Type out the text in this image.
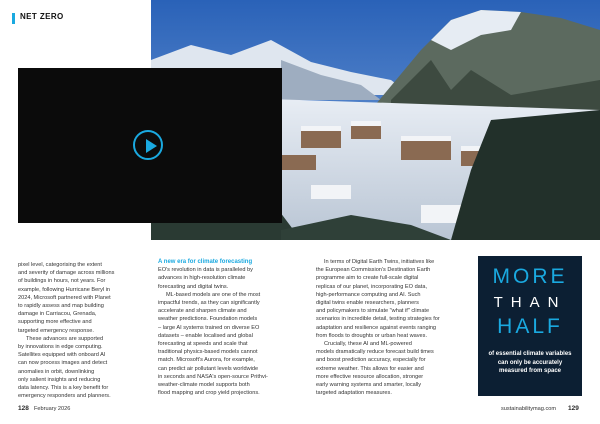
NET ZERO

pixel level, categorising the extent

and severity of damage across millions

of buildings in hours, not years. For

example, following Hurricane Beryl in

2024, Microsoft partnered with Planet

to rapidly assess and map building

damage in Carriacou, Grenada,

supporting more effective and

targeted emergency response.

These advances are supported

by innovations in edge computing.

Satellites equipped with onboard AI

can now process images and detect

anomalies in orbit, downlinking

only salient insights and reducing

data latency. This is a key benefit for

emergency responders and planners.

A new era for climate forecasting

EO's revolution in data is paralleled by

advances in high-resolution climate

forecasting and digital twins.

ML-based models are one of the most

impactful trends, as they can significantly

accelerate and sharpen climate and

weather predictions. Foundation models

– large AI systems trained on diverse EO

datasets – enable localised and global

forecasting at speeds and scale that

traditional physics-based models cannot

match. Microsoft's Aurora, for example,

can predict air pollutant levels worldwide

in seconds and NASA's open-source Prithvi-

weather-climate model supports both

flood mapping and crop yield projections.

In terms of Digital Earth Twins, initiatives like

the European Commission's Destination Earth

programme aim to create full-scale digital

replicas of our planet, incorporating EO data,

high-performance computing and AI. Such

digital twins enable researchers, planners

and policymakers to simulate "what if" climate

scenarios in incredible detail, testing strategies for

adaptation and resilience against events ranging

from floods to droughts or urban heat waves.

Crucially, these AI and ML-powered

models dramatically reduce forecast build times

and boost prediction accuracy, especially for

extreme weather. This allows for easier and

more effective resource allocation, stronger

early warning systems and smarter, locally

targeted adaptation measures.

MORE
THAN
HALF
of essential climate variables can only be accurately measured from space
128 February 2026	sustainabilitymag.com 129
